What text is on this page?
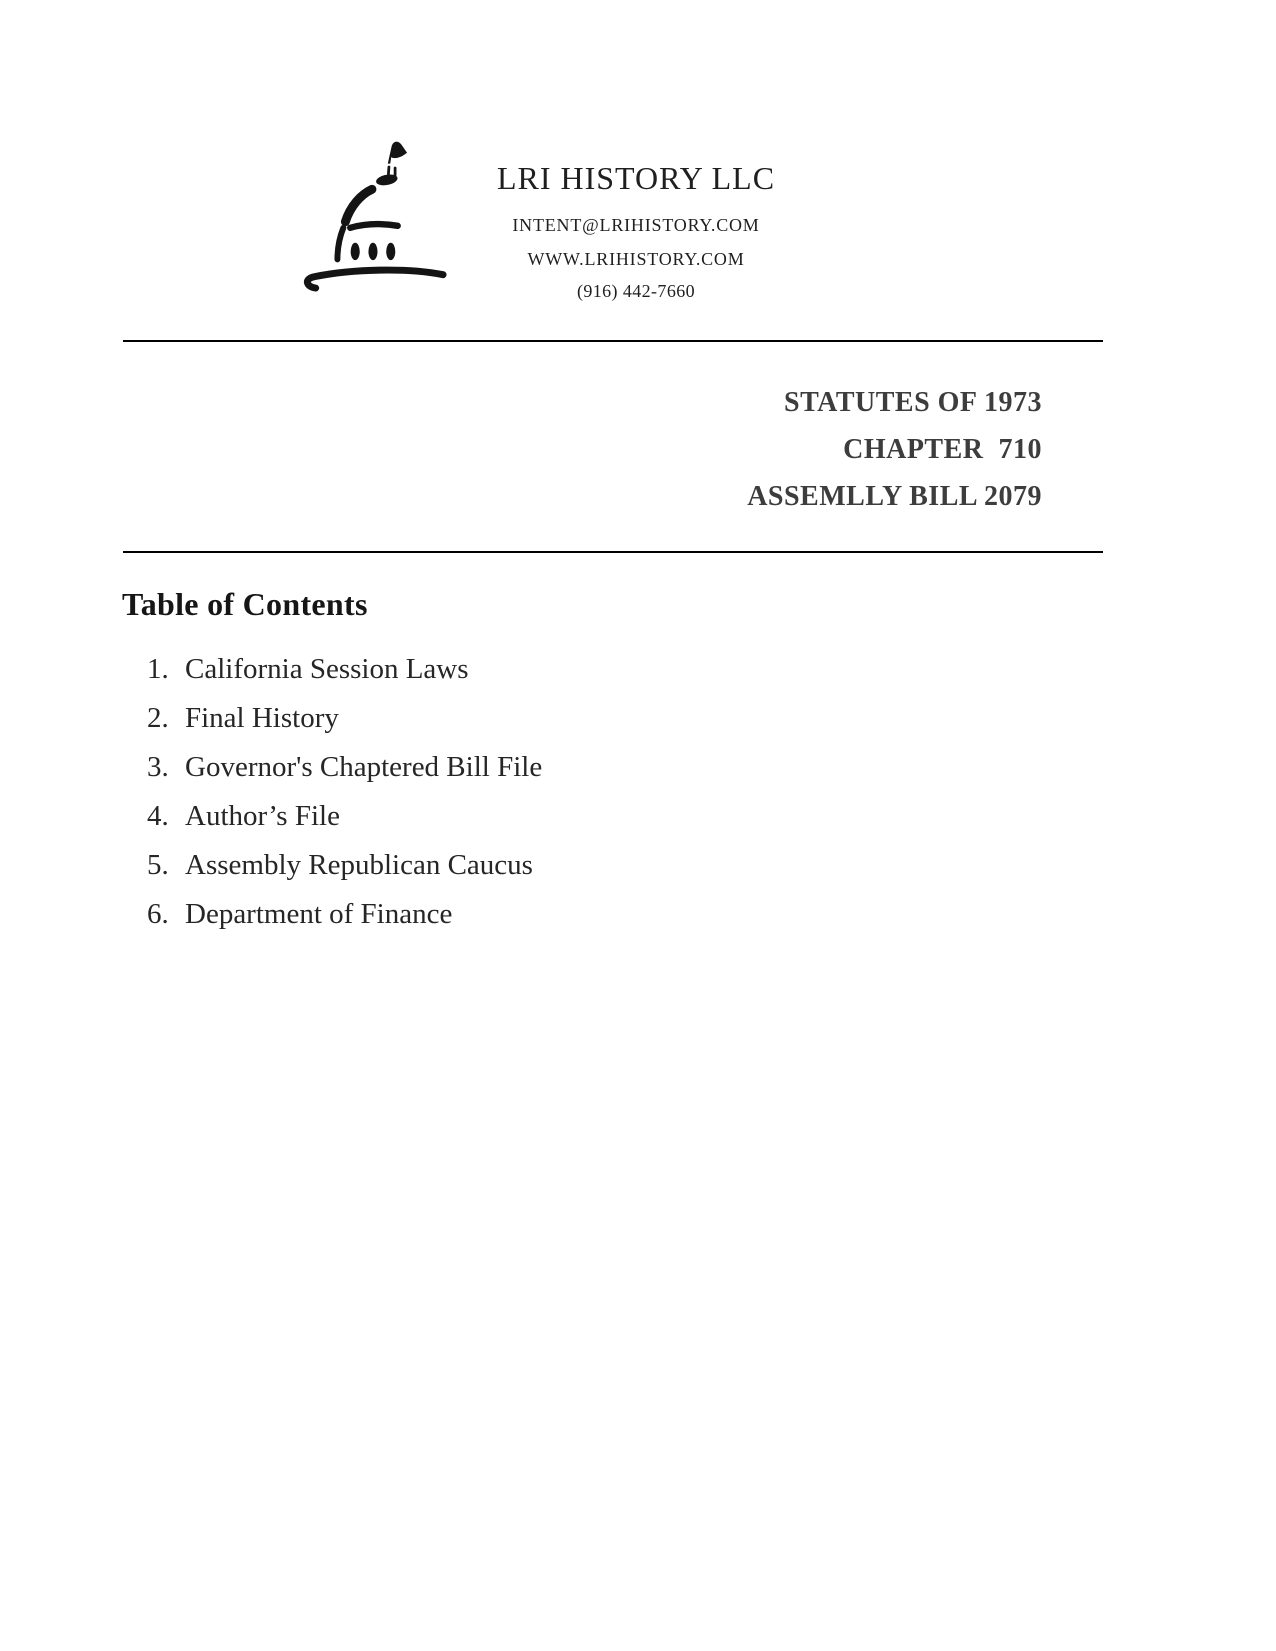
LRI HISTORY LLC
INTENT@LRIHISTORY.COM
WWW.LRIHISTORY.COM
(916) 442-7660
STATUTES OF 1973
CHAPTER  710
ASSEMLLY BILL 2079
Table of Contents
1. California Session Laws
2. Final History
3. Governor's Chaptered Bill File
4. Author’s File
5. Assembly Republican Caucus
6. Department of Finance
